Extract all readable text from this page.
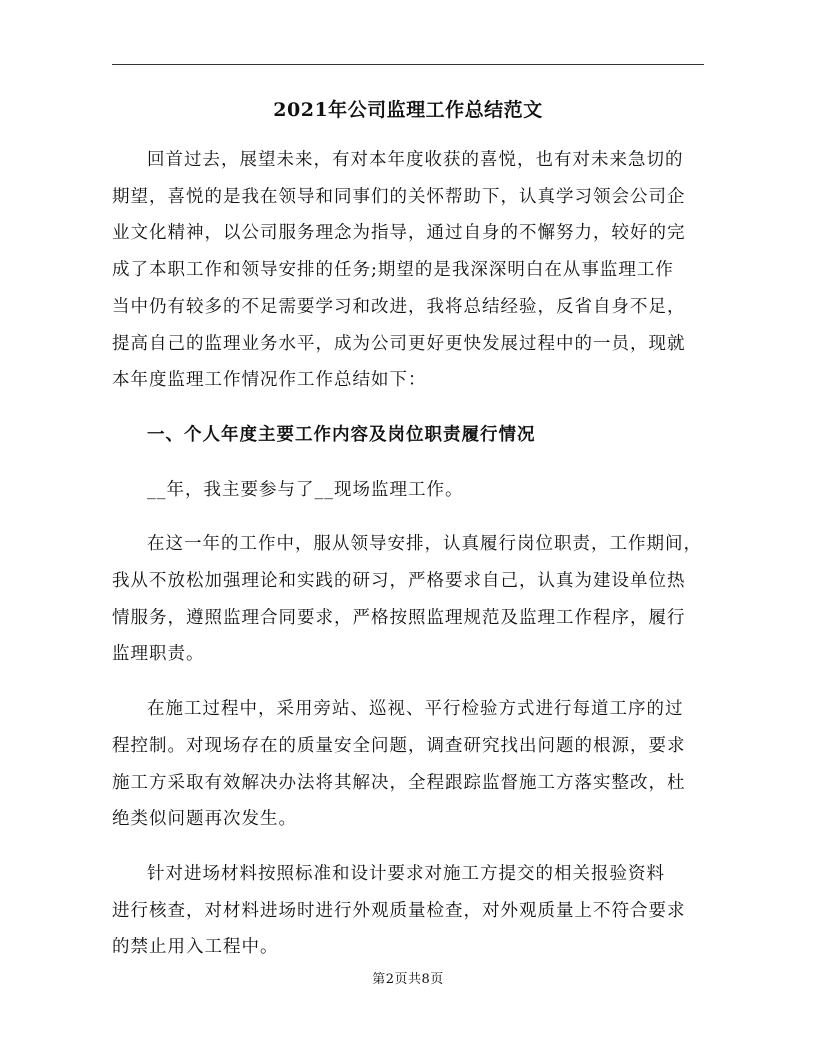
2021年公司监理工作总结范文
回首过去，展望未来，有对本年度收获的喜悦，也有对未来急切的
期望，喜悦的是我在领导和同事们的关怀帮助下，认真学习领会公司企
业文化精神，以公司服务理念为指导，通过自身的不懈努力，较好的完
成了本职工作和领导安排的任务;期望的是我深深明白在从事监理工作
当中仍有较多的不足需要学习和改进，我将总结经验，反省自身不足，
提高自己的监理业务水平，成为公司更好更快发展过程中的一员，现就
本年度监理工作情况作工作总结如下：
一、个人年度主要工作内容及岗位职责履行情况
__年，我主要参与了__现场监理工作。
在这一年的工作中，服从领导安排，认真履行岗位职责，工作期间，
我从不放松加强理论和实践的研习，严格要求自己，认真为建设单位热
情服务，遵照监理合同要求，严格按照监理规范及监理工作程序，履行
监理职责。
在施工过程中，采用旁站、巡视、平行检验方式进行每道工序的过
程控制。对现场存在的质量安全问题，调查研究找出问题的根源，要求
施工方采取有效解决办法将其解决，全程跟踪监督施工方落实整改，杜
绝类似问题再次发生。
针对进场材料按照标准和设计要求对施工方提交的相关报验资料
进行核查，对材料进场时进行外观质量检查，对外观质量上不符合要求
的禁止用入工程中。
第2页共8页
